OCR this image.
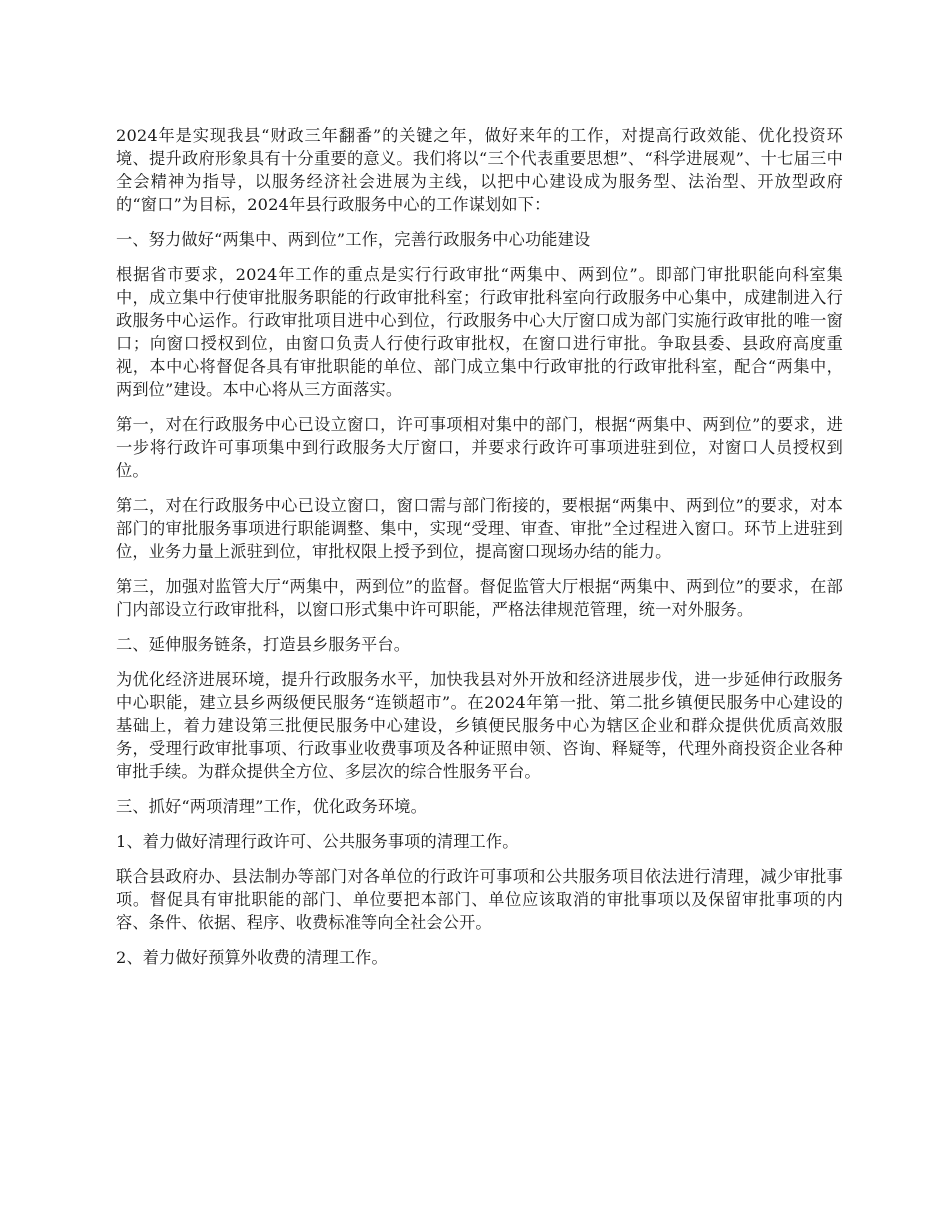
2024年是实现我县“财政三年翻番”的关键之年，做好来年的工作，对提高行政效能、优化投资环境、提升政府形象具有十分重要的意义。我们将以“三个代表重要思想”、“科学进展观”、十七届三中全会精神为指导，以服务经济社会进展为主线，以把中心建设成为服务型、法治型、开放型政府的“窗口”为目标，2024年县行政服务中心的工作谋划如下：

一、努力做好“两集中、两到位”工作，完善行政服务中心功能建设

根据省市要求，2024年工作的重点是实行行政审批“两集中、两到位”。即部门审批职能向科室集中，成立集中行使审批服务职能的行政审批科室；行政审批科室向行政服务中心集中，成建制进入行政服务中心运作。行政审批项目进中心到位，行政服务中心大厅窗口成为部门实施行政审批的唯一窗口；向窗口授权到位，由窗口负责人行使行政审批权，在窗口进行审批。争取县委、县政府高度重视，本中心将督促各具有审批职能的单位、部门成立集中行政审批的行政审批科室，配合“两集中，两到位”建设。本中心将从三方面落实。

第一，对在行政服务中心已设立窗口，许可事项相对集中的部门，根据“两集中、两到位”的要求，进一步将行政许可事项集中到行政服务大厅窗口，并要求行政许可事项进驻到位，对窗口人员授权到位。

第二，对在行政服务中心已设立窗口，窗口需与部门衔接的，要根据“两集中、两到位”的要求，对本部门的审批服务事项进行职能调整、集中，实现“受理、审查、审批”全过程进入窗口。环节上进驻到位，业务力量上派驻到位，审批权限上授予到位，提高窗口现场办结的能力。

第三，加强对监管大厅“两集中，两到位”的监督。督促监管大厅根据“两集中、两到位”的要求，在部门内部设立行政审批科，以窗口形式集中许可职能，严格法律规范管理，统一对外服务。

二、延伸服务链条，打造县乡服务平台。

为优化经济进展环境，提升行政服务水平，加快我县对外开放和经济进展步伐，进一步延伸行政服务中心职能，建立县乡两级便民服务“连锁超市”。在2024年第一批、第二批乡镇便民服务中心建设的基础上，着力建设第三批便民服务中心建设，乡镇便民服务中心为辖区企业和群众提供优质高效服务，受理行政审批事项、行政事业收费事项及各种证照申领、咨询、释疑等，代理外商投资企业各种审批手续。为群众提供全方位、多层次的综合性服务平台。

三、抓好“两项清理”工作，优化政务环境。

1、着力做好清理行政许可、公共服务事项的清理工作。

联合县政府办、县法制办等部门对各单位的行政许可事项和公共服务项目依法进行清理，减少审批事项。督促具有审批职能的部门、单位要把本部门、单位应该取消的审批事项以及保留审批事项的内容、条件、依据、程序、收费标准等向全社会公开。

2、着力做好预算外收费的清理工作。
